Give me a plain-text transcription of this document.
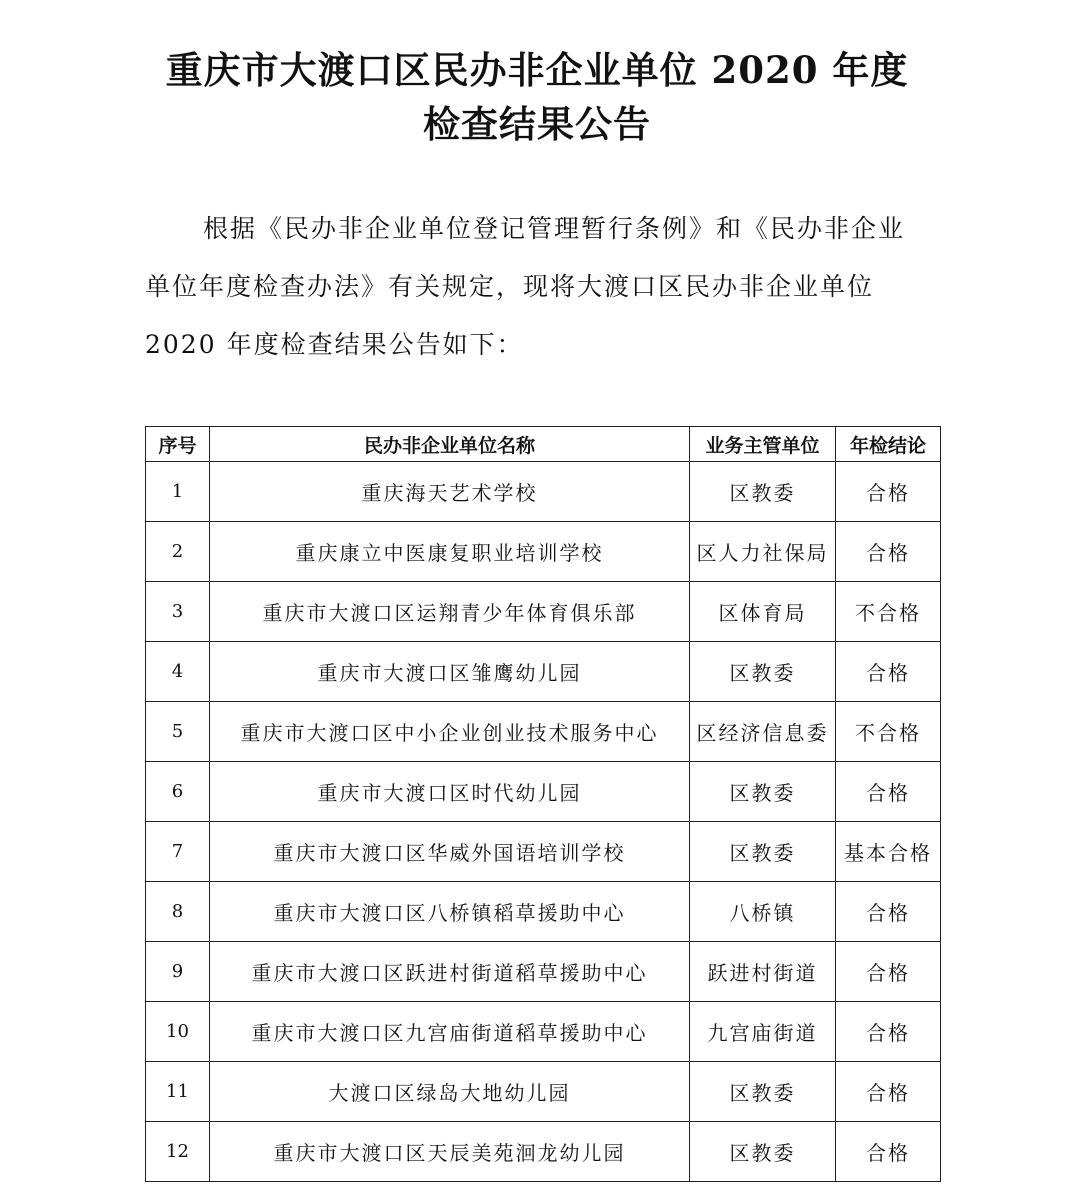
重庆市大渡口区民办非企业单位 2020 年度
检查结果公告
根据《民办非企业单位登记管理暂行条例》和《民办非企业
单位年度检查办法》有关规定，现将大渡口区民办非企业单位
2020 年度检查结果公告如下：
序号	民办非企业单位名称	业务主管单位	年检结论
1	重庆海天艺术学校	区教委	合格
2	重庆康立中医康复职业培训学校	区人力社保局	合格
3	重庆市大渡口区运翔青少年体育俱乐部	区体育局	不合格
4	重庆市大渡口区雏鹰幼儿园	区教委	合格
5	重庆市大渡口区中小企业创业技术服务中心	区经济信息委	不合格
6	重庆市大渡口区时代幼儿园	区教委	合格
7	重庆市大渡口区华威外国语培训学校	区教委	基本合格
8	重庆市大渡口区八桥镇稻草援助中心	八桥镇	合格
9	重庆市大渡口区跃进村街道稻草援助中心	跃进村街道	合格
10	重庆市大渡口区九宫庙街道稻草援助中心	九宫庙街道	合格
11	大渡口区绿岛大地幼儿园	区教委	合格
12	重庆市大渡口区天辰美苑洄龙幼儿园	区教委	合格
